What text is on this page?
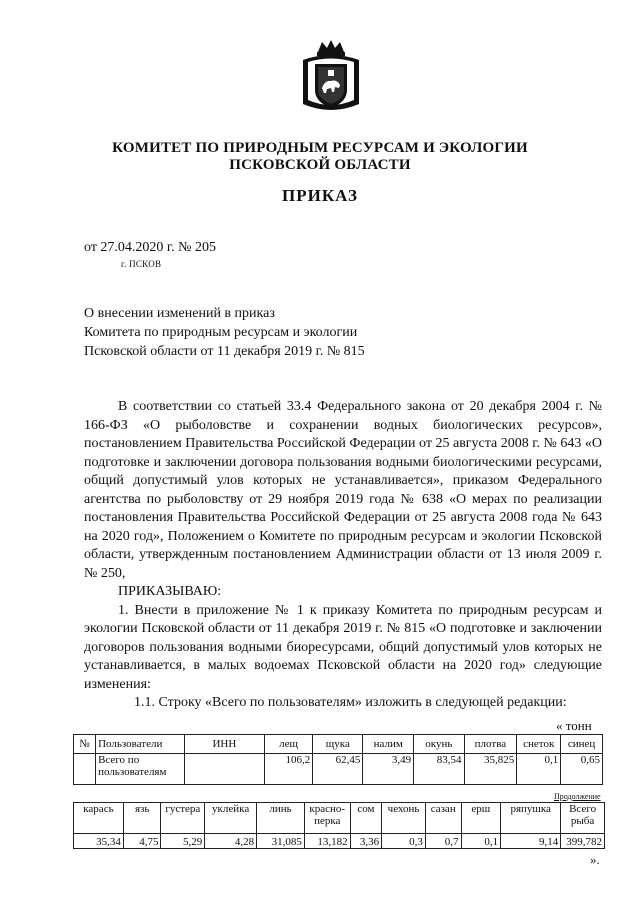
КОМИТЕТ ПО ПРИРОДНЫМ РЕСУРСАМ И ЭКОЛОГИИ
ПСКОВСКОЙ ОБЛАСТИ
ПРИКАЗ
от 27.04.2020 г. № 205
г. ПСКОВ
О внесении изменений в приказ
Комитета по природным ресурсам и экологии
Псковской области от 11 декабря 2019 г. № 815

В соответствии со статьей 33.4 Федерального закона от 20 декабря 2004 г. № 166-ФЗ «О рыболовстве и сохранении водных биологических ресурсов», постановлением Правительства Российской Федерации от 25 августа 2008 г. № 643 «О подготовке и заключении договора пользования водными биологическими ресурсами, общий допустимый улов которых не устанавливается», приказом Федерального агентства по рыболовству от 29 ноября 2019 года № 638 «О мерах по реализации постановления Правительства Российской Федерации от 25 августа 2008 года № 643 на 2020 год», Положением о Комитете по природным ресурсам и экологии Псковской области, утвержденным постановлением Администрации области от 13 июля 2009 г. № 250,

ПРИКАЗЫВАЮ:

1. Внести в приложение № 1 к приказу Комитета по природным ресурсам и экологии Псковской области от 11 декабря 2019 г. № 815 «О подготовке и заключении договоров пользования водными биоресурсами, общий допустимый улов которых не устанавливается, в малых водоемах Псковской области на 2020 год» следующие изменения:

1.1. Строку «Всего по пользователям» изложить в следующей редакции:

« тонн
№	Пользователи	ИНН	лещ	щука	налим	окунь	плотва	снеток	синец
	Всего по пользователям		106,2	62,45	3,49	83,54	35,825	0,1	0,65
Продолжение
карась	язь	густера	уклейка	линь	красно-перка	сом	чехонь	сазан	ерш	ряпушка	Всего рыба
35,34	4,75	5,29	4,28	31,085	13,182	3,36	0,3	0,7	0,1	9,14	399,782
».
